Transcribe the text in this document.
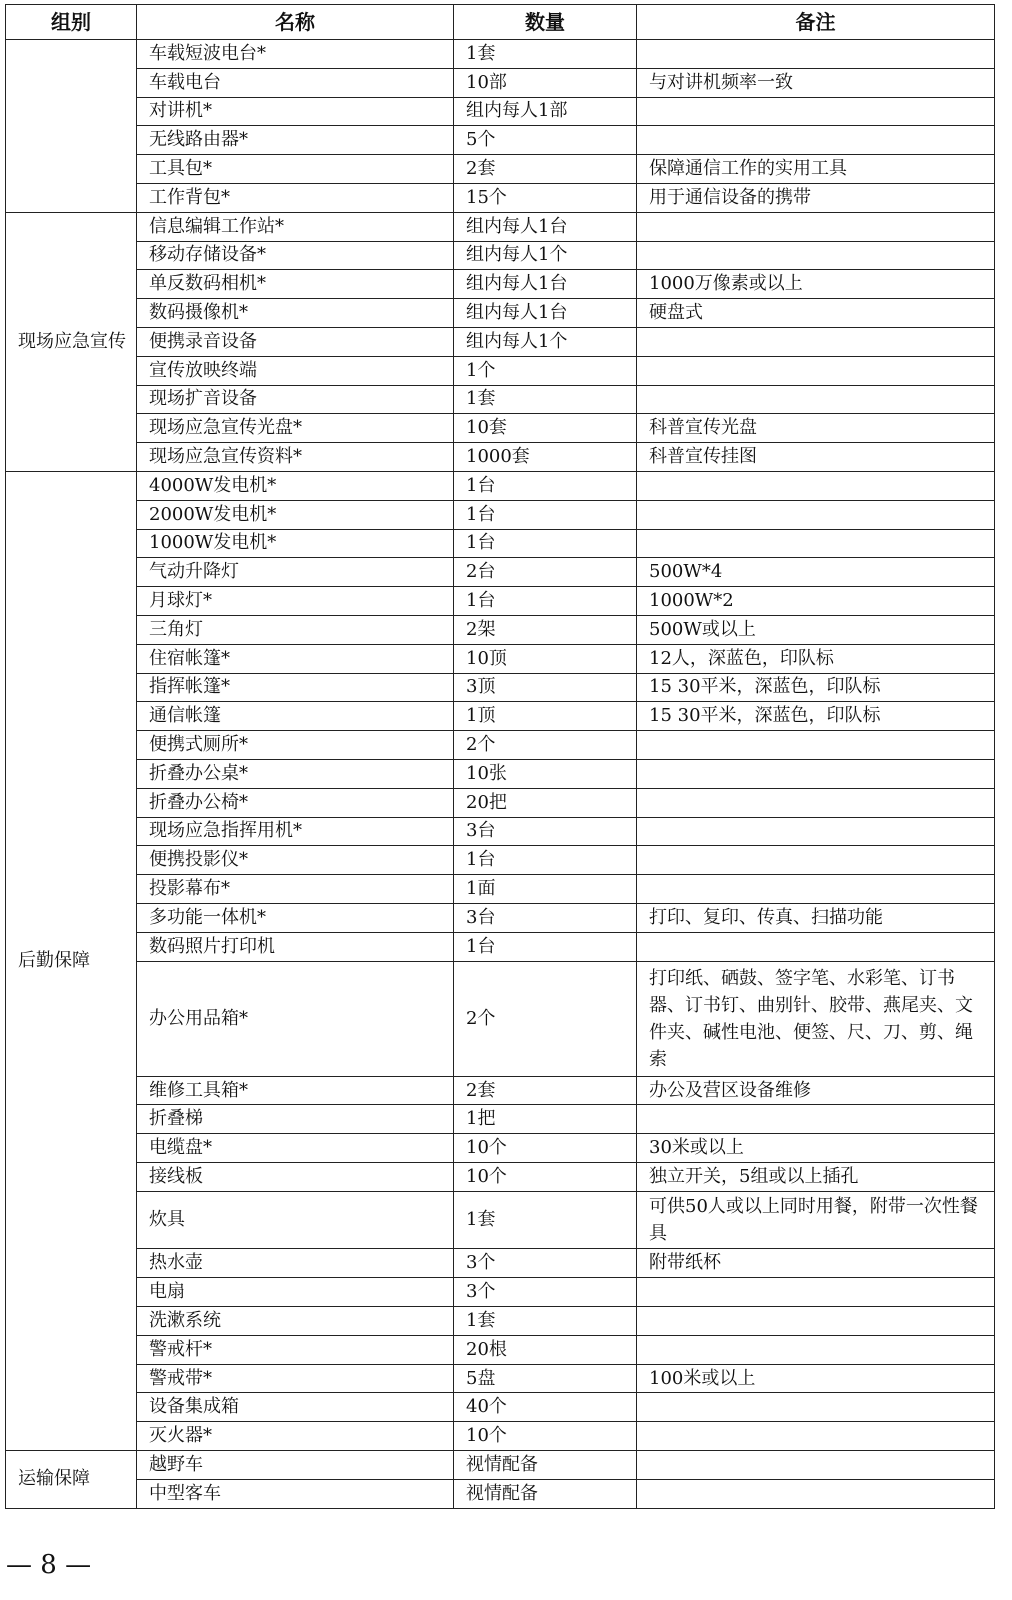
组别	名称	数量	备注
	车载短波电台*	1套	
	车载电台	10部	与对讲机频率一致
	对讲机*	组内每人1部	
	无线路由器*	5个	
	工具包*	2套	保障通信工作的实用工具
	工作背包*	15个	用于通信设备的携带
现场应急宣传	信息编辑工作站*	组内每人1台	
	移动存储设备*	组内每人1个	
	单反数码相机*	组内每人1台	1000万像素或以上
	数码摄像机*	组内每人1台	硬盘式
	便携录音设备	组内每人1个	
	宣传放映终端	1个	
	现场扩音设备	1套	
	现场应急宣传光盘*	10套	科普宣传光盘
	现场应急宣传资料*	1000套	科普宣传挂图
后勤保障	4000W发电机*	1台	
	2000W发电机*	1台	
	1000W发电机*	1台	
	气动升降灯	2台	500W*4
	月球灯*	1台	1000W*2
	三角灯	2架	500W或以上
	住宿帐篷*	10顶	12人，深蓝色，印队标
	指挥帐篷*	3顶	15 30平米，深蓝色，印队标
	通信帐篷	1顶	15 30平米，深蓝色，印队标
	便携式厕所*	2个	
	折叠办公桌*	10张	
	折叠办公椅*	20把	
	现场应急指挥用机*	3台	
	便携投影仪*	1台	
	投影幕布*	1面	
	多功能一体机*	3台	打印、复印、传真、扫描功能
	数码照片打印机	1台	
	办公用品箱*	2个	打印纸、硒鼓、签字笔、水彩笔、订书器、订书钉、曲别针、胶带、燕尾夹、文件夹、碱性电池、便签、尺、刀、剪、绳索
	维修工具箱*	2套	办公及营区设备维修
	折叠梯	1把	
	电缆盘*	10个	30米或以上
	接线板	10个	独立开关，5组或以上插孔
	炊具	1套	可供50人或以上同时用餐，附带一次性餐具
	热水壶	3个	附带纸杯
	电扇	3个	
	洗漱系统	1套	
	警戒杆*	20根	
	警戒带*	5盘	100米或以上
	设备集成箱	40个	
	灭火器*	10个	
运输保障	越野车	视情配备	
	中型客车	视情配备	
— 8 —
